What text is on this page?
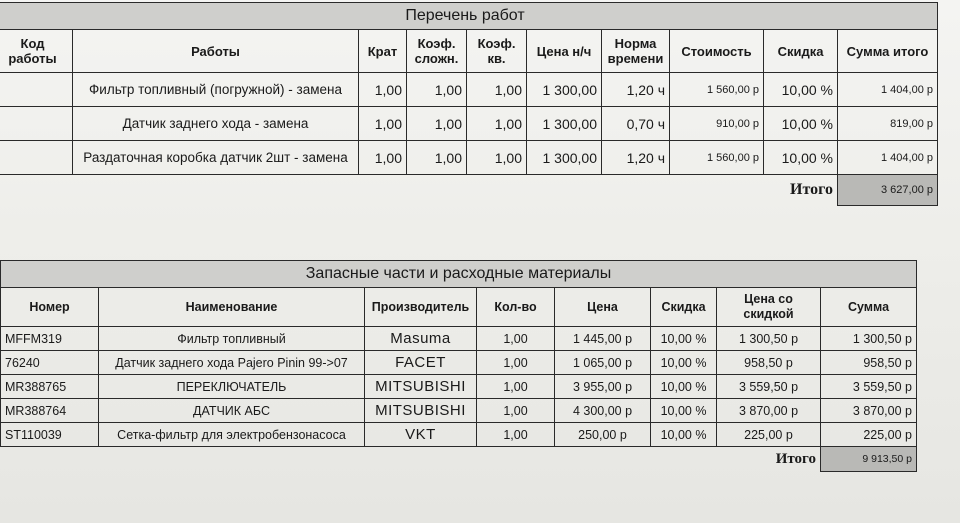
Перечень работ									
Код работы	Работы	Крат	Коэф. сложн.	Коэф. кв.	Цена н/ч	Норма времени	Стоимость	Скидка	Сумма итого
	Фильтр топливный (погружной) - замена	1,00	1,00	1,00	1 300,00	1,20 ч	1 560,00 р	10,00 %	1 404,00 р
	Датчик заднего хода - замена	1,00	1,00	1,00	1 300,00	0,70 ч	910,00 р	10,00 %	819,00 р
	Раздаточная коробка датчик 2шт - замена	1,00	1,00	1,00	1 300,00	1,20 ч	1 560,00 р	10,00 %	1 404,00 р
Итого									3 627,00 р
Запасные части и расходные материалы							
Номер	Наименование	Производитель	Кол-во	Цена	Скидка	Цена со скидкой	Сумма
MFFM319	Фильтр топливный	Masuma	1,00	1 445,00 р	10,00 %	1 300,50 р	1 300,50 р
76240	Датчик заднего хода Pajero Pinin 99->07	FACET	1,00	1 065,00 р	10,00 %	958,50 р	958,50 р
MR388765	ПЕРЕКЛЮЧАТЕЛЬ	MITSUBISHI	1,00	3 955,00 р	10,00 %	3 559,50 р	3 559,50 р
MR388764	ДАТЧИК АБС	MITSUBISHI	1,00	4 300,00 р	10,00 %	3 870,00 р	3 870,00 р
ST110039	Сетка-фильтр для электробензонасоса	VKT	1,00	250,00 р	10,00 %	225,00 р	225,00 р
Итого							9 913,50 р
